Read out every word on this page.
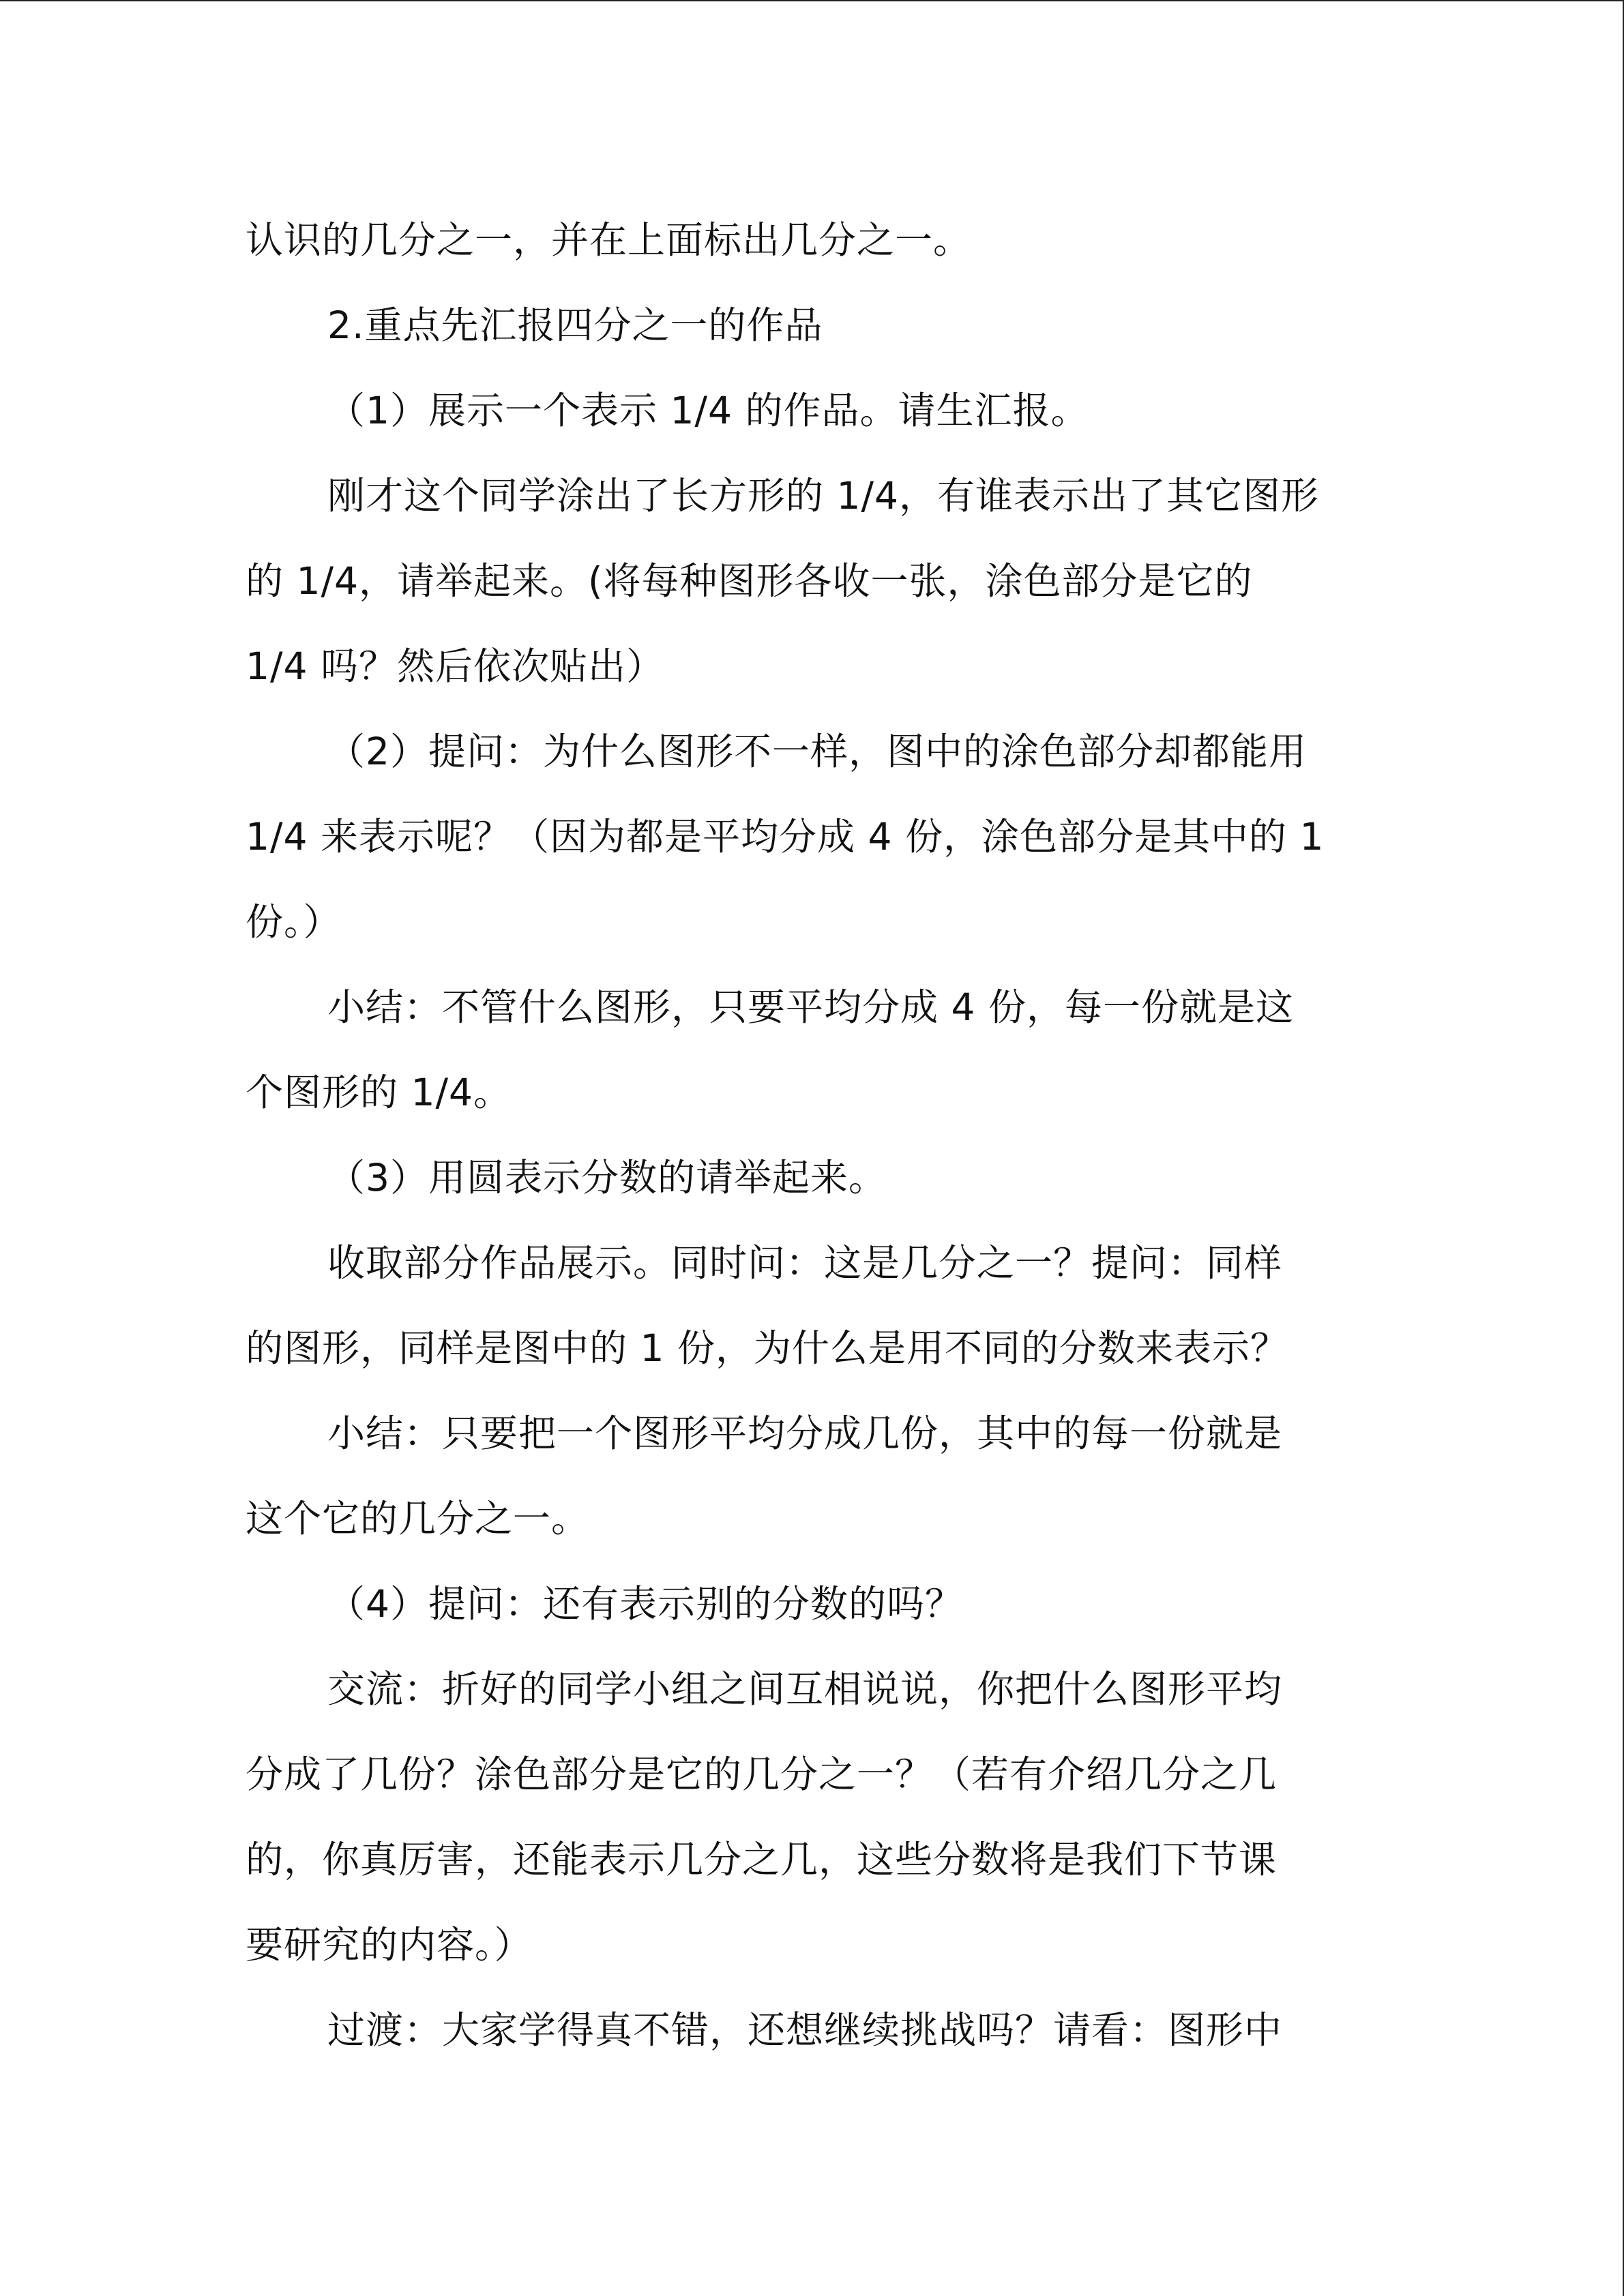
认识的几分之一，并在上面标出几分之一。
2.重点先汇报四分之一的作品
（1）展示一个表示 1/4 的作品。请生汇报。
刚才这个同学涂出了长方形的 1/4，有谁表示出了其它图形
的 1/4，请举起来。(将每种图形各收一张，涂色部分是它的
1/4 吗？然后依次贴出）
（2）提问：为什么图形不一样，图中的涂色部分却都能用
1/4 来表示呢？（因为都是平均分成 4 份，涂色部分是其中的 1
份。）
小结：不管什么图形，只要平均分成 4 份，每一份就是这
个图形的 1/4。
（3）用圆表示分数的请举起来。
收取部分作品展示。同时问：这是几分之一？提问：同样
的图形，同样是图中的 1 份，为什么是用不同的分数来表示？
小结：只要把一个图形平均分成几份，其中的每一份就是
这个它的几分之一。
（4）提问：还有表示别的分数的吗？
交流：折好的同学小组之间互相说说，你把什么图形平均
分成了几份？涂色部分是它的几分之一？（若有介绍几分之几
的，你真厉害，还能表示几分之几，这些分数将是我们下节课
要研究的内容。）
过渡：大家学得真不错，还想继续挑战吗？请看：图形中
